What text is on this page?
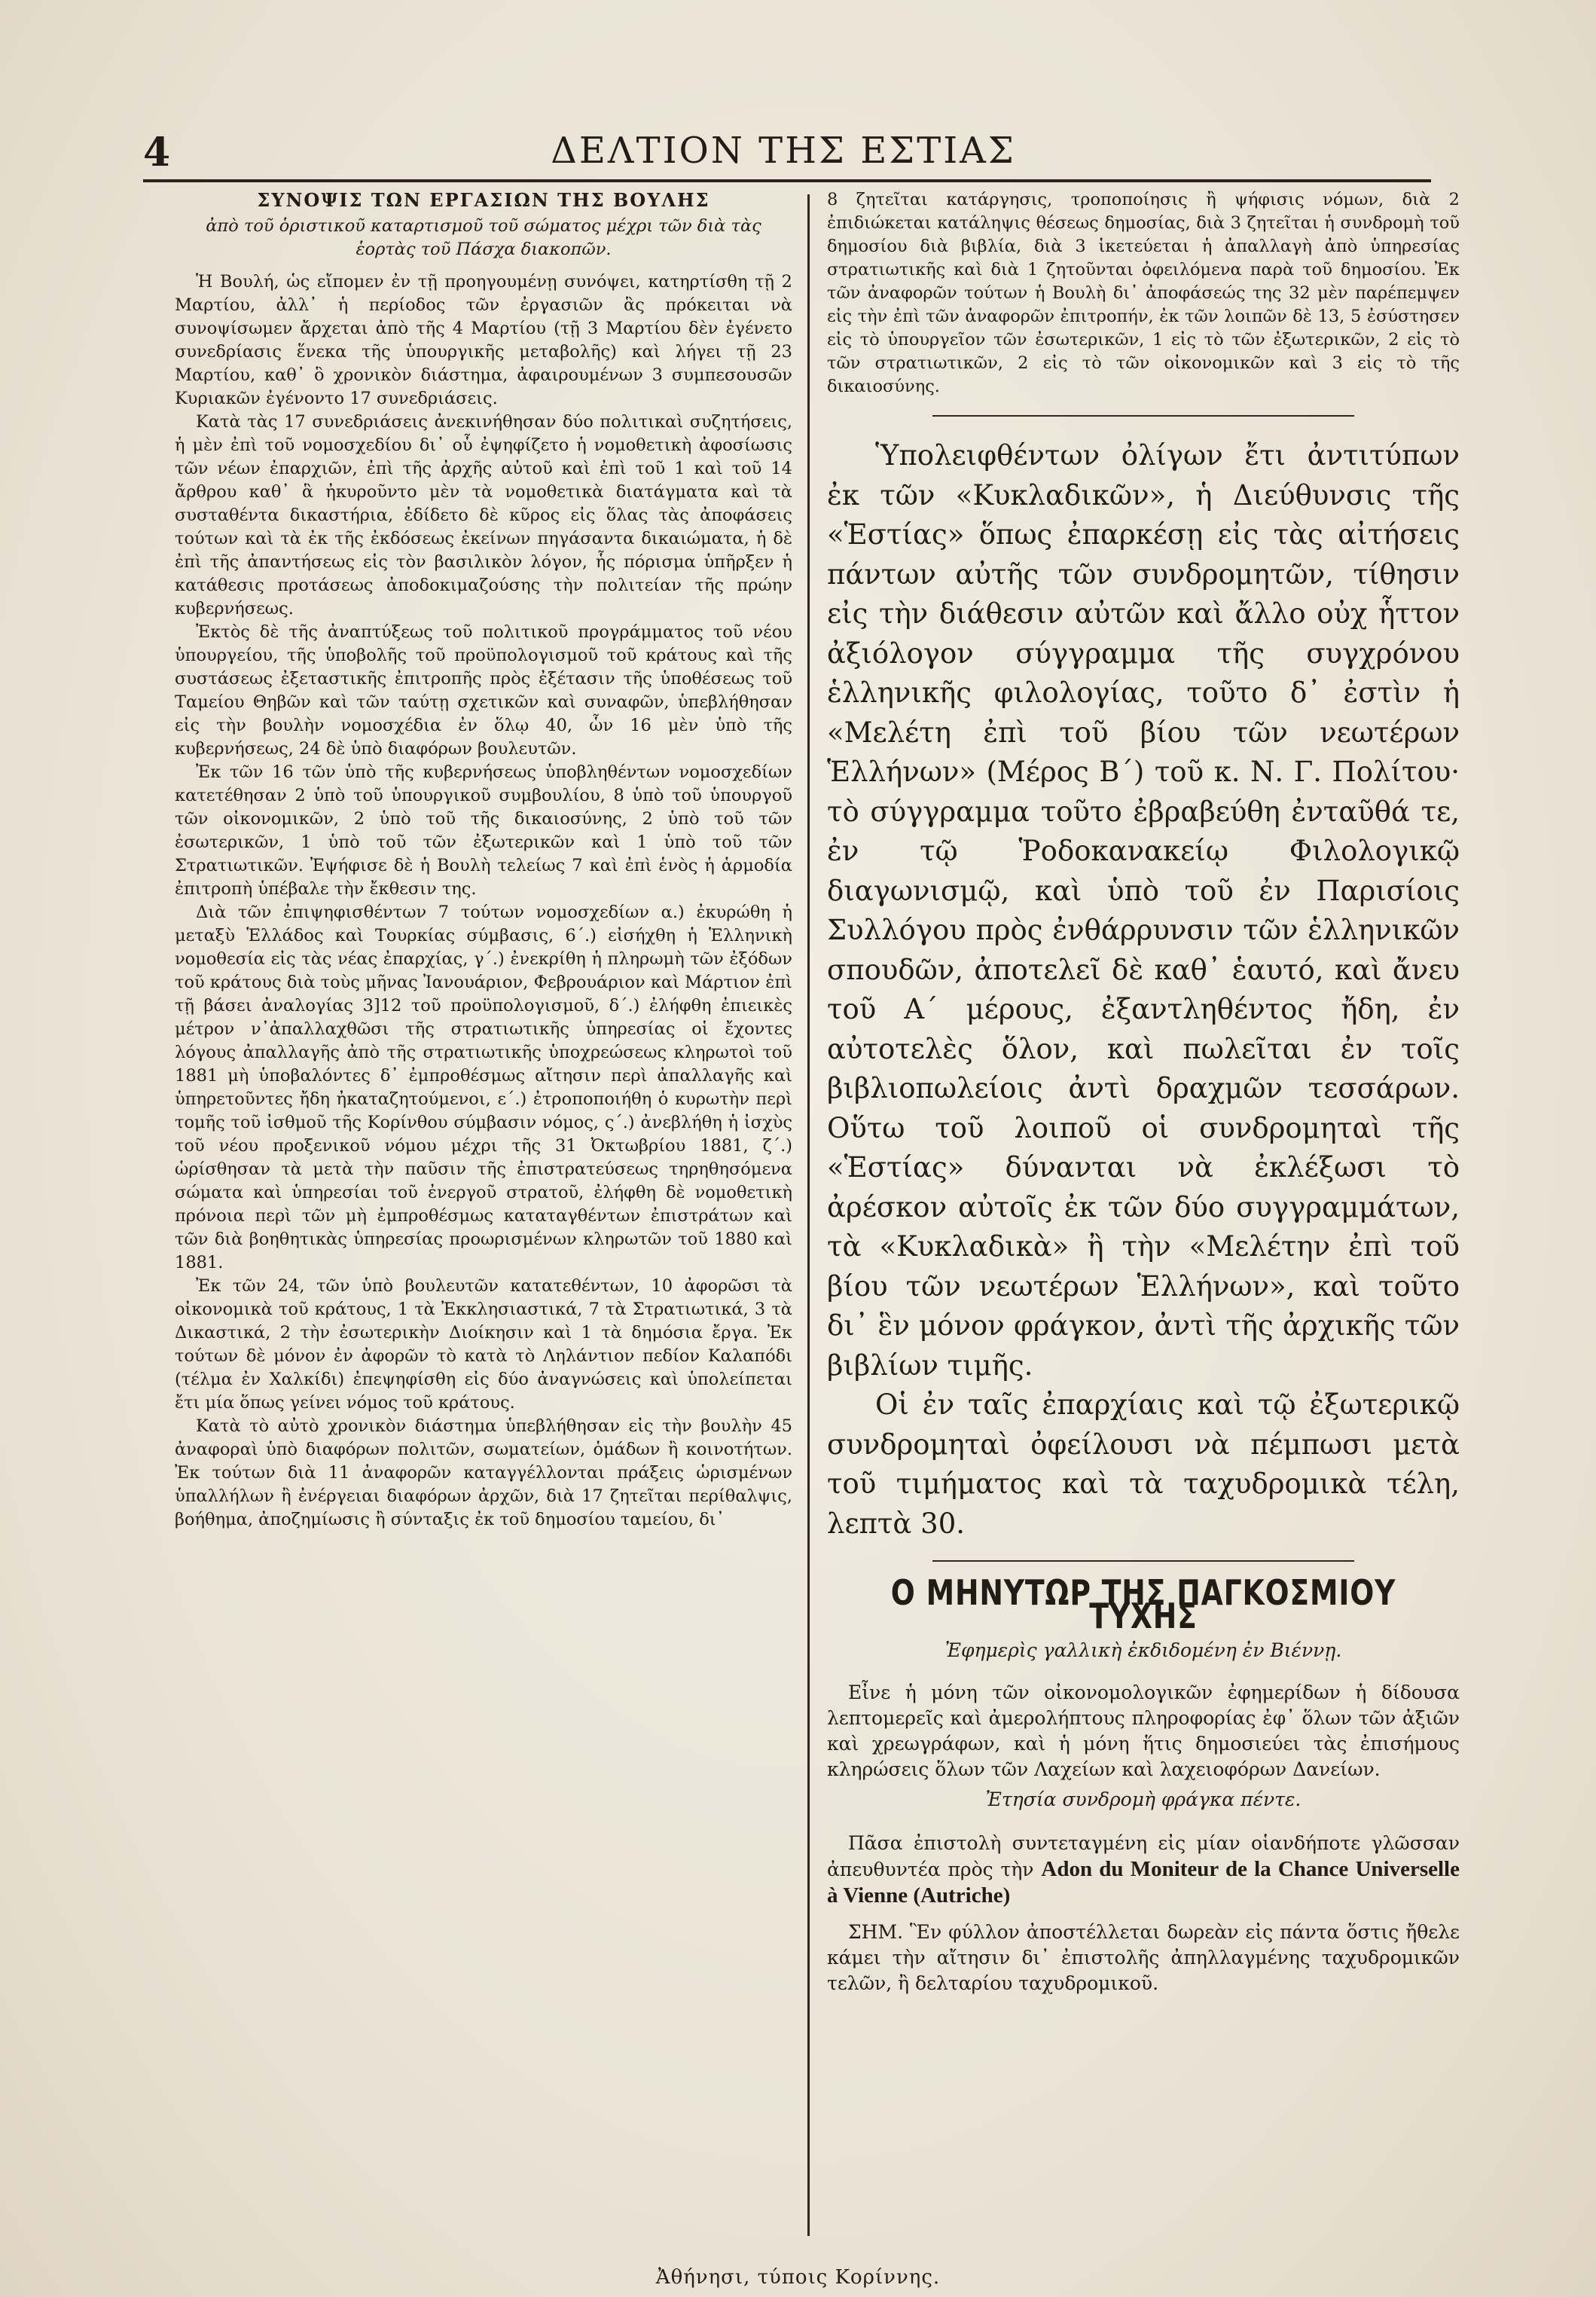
4	ΔΕΛΤΙΟΝ ΤΗΣ ΕΣΤΙΑΣ
ΣΥΝΟΨΙΣ ΤΩΝ ΕΡΓΑΣΙΩΝ ΤΗΣ ΒΟΥΛΗΣ
ἀπὸ τοῦ ὁριστικοῦ καταρτισμοῦ τοῦ σώματος μέχρι τῶν διὰ τὰς ἑορτὰς τοῦ Πάσχα διακοπῶν.

Ἡ Βουλή, ὡς εἴπομεν ἐν τῇ προηγουμένῃ συνόψει, κατηρτίσθη τῇ 2 Μαρτίου, ἀλλ᾽ ἡ περίοδος τῶν ἐργασιῶν ἃς πρόκειται νὰ συνοψίσωμεν ἄρχεται ἀπὸ τῆς 4 Μαρτίου (τῇ 3 Μαρτίου δὲν ἐγένετο συνεδρίασις ἕνεκα τῆς ὑπουργικῆς μεταβολῆς) καὶ λήγει τῇ 23 Μαρτίου, καθ᾽ ὃ χρονικὸν διάστημα, ἀφαιρουμένων 3 συμπεσουσῶν Κυριακῶν ἐγένοντο 17 συνεδριάσεις.

Κατὰ τὰς 17 συνεδριάσεις ἀνεκινήθησαν δύο πολιτικαὶ συζητήσεις, ἡ μὲν ἐπὶ τοῦ νομοσχεδίου δι᾽ οὗ ἐψηφίζετο ἡ νομοθετικὴ ἀφοσίωσις τῶν νέων ἐπαρχιῶν, ἐπὶ τῆς ἀρχῆς αὐτοῦ καὶ ἐπὶ τοῦ 1 καὶ τοῦ 14 ἄρθρου καθ᾽ ἃ ἠκυροῦντο μὲν τὰ νομοθετικὰ διατάγματα καὶ τὰ συσταθέντα δικαστήρια, ἐδίδετο δὲ κῦρος εἰς ὅλας τὰς ἀποφάσεις τούτων καὶ τὰ ἐκ τῆς ἐκδόσεως ἐκείνων πηγάσαντα δικαιώματα, ἡ δὲ ἐπὶ τῆς ἀπαντήσεως εἰς τὸν βασιλικὸν λόγον, ἧς πόρισμα ὑπῆρξεν ἡ κατάθεσις προτάσεως ἀποδοκιμαζούσης τὴν πολιτείαν τῆς πρώην κυβερνήσεως.

Ἐκτὸς δὲ τῆς ἀναπτύξεως τοῦ πολιτικοῦ προγράμματος τοῦ νέου ὑπουργείου, τῆς ὑποβολῆς τοῦ προϋπολογισμοῦ τοῦ κράτους καὶ τῆς συστάσεως ἐξεταστικῆς ἐπιτροπῆς πρὸς ἐξέτασιν τῆς ὑποθέσεως τοῦ Ταμείου Θηβῶν καὶ τῶν ταύτῃ σχετικῶν καὶ συναφῶν, ὑπεβλήθησαν εἰς τὴν βουλὴν νομοσχέδια ἐν ὅλῳ 40, ὧν 16 μὲν ὑπὸ τῆς κυβερνήσεως, 24 δὲ ὑπὸ διαφόρων βουλευτῶν.

Ἐκ τῶν 16 τῶν ὑπὸ τῆς κυβερνήσεως ὑποβληθέντων νομοσχεδίων κατετέθησαν 2 ὑπὸ τοῦ ὑπουργικοῦ συμβουλίου, 8 ὑπὸ τοῦ ὑπουργοῦ τῶν οἰκονομικῶν, 2 ὑπὸ τοῦ τῆς δικαιοσύνης, 2 ὑπὸ τοῦ τῶν ἐσωτερικῶν, 1 ὑπὸ τοῦ τῶν ἐξωτερικῶν καὶ 1 ὑπὸ τοῦ τῶν Στρατιωτικῶν. Ἐψήφισε δὲ ἡ Βουλὴ τελείως 7 καὶ ἐπὶ ἑνὸς ἡ ἁρμοδία ἐπιτροπὴ ὑπέβαλε τὴν ἔκθεσιν της.

Διὰ τῶν ἐπιψηφισθέντων 7 τούτων νομοσχεδίων α.) ἐκυρώθη ἡ μεταξὺ Ἑλλάδος καὶ Τουρκίας σύμβασις, 6΄.) εἰσήχθη ἡ Ἑλληνικὴ νομοθεσία εἰς τὰς νέας ἐπαρχίας, γ΄.) ἐνεκρίθη ἡ πληρωμὴ τῶν ἐξόδων τοῦ κράτους διὰ τοὺς μῆνας Ἰανουάριον, Φεβρουάριον καὶ Μάρτιον ἐπὶ τῇ βάσει ἀναλογίας 3]12 τοῦ προϋπολογισμοῦ, δ΄.) ἐλήφθη ἐπιεικὲς μέτρον ν᾽ἀπαλλαχθῶσι τῆς στρατιωτικῆς ὑπηρεσίας οἱ ἔχοντες λόγους ἀπαλλαγῆς ἀπὸ τῆς στρατιωτικῆς ὑποχρεώσεως κληρωτοὶ τοῦ 1881 μὴ ὑποβαλόντες δ᾽ ἐμπροθέσμως αἴτησιν περὶ ἀπαλλαγῆς καὶ ὑπηρετοῦντες ἤδη ἠκαταζητούμενοι, ε΄.) ἐτροποποιήθη ὁ κυρωτὴν περὶ τομῆς τοῦ ἰσθμοῦ τῆς Κορίνθου σύμβασιν νόμος, ς΄.) ἀνεβλήθη ἡ ἰσχὺς τοῦ νέου προξενικοῦ νόμου μέχρι τῆς 31 Ὀκτωβρίου 1881, ζ΄.) ὡρίσθησαν τὰ μετὰ τὴν παῦσιν τῆς ἐπιστρατεύσεως τηρηθησόμενα σώματα καὶ ὑπηρεσίαι τοῦ ἐνεργοῦ στρατοῦ, ἐλήφθη δὲ νομοθετικὴ πρόνοια περὶ τῶν μὴ ἐμπροθέσμως καταταγθέντων ἐπιστράτων καὶ τῶν διὰ βοηθητικὰς ὑπηρεσίας προωρισμένων κληρωτῶν τοῦ 1880 καὶ 1881.

Ἐκ τῶν 24, τῶν ὑπὸ βουλευτῶν κατατεθέντων, 10 ἀφορῶσι τὰ οἰκονομικὰ τοῦ κράτους, 1 τὰ Ἐκκλησιαστικά, 7 τὰ Στρατιωτικά, 3 τὰ Δικαστικά, 2 τὴν ἐσωτερικὴν Διοίκησιν καὶ 1 τὰ δημόσια ἔργα. Ἐκ τούτων δὲ μόνον ἐν ἀφορῶν τὸ κατὰ τὸ Ληλάντιον πεδίον Καλαπόδι (τέλμα ἐν Χαλκίδι) ἐπεψηφίσθη εἰς δύο ἀναγνώσεις καὶ ὑπολείπεται ἔτι μία ὅπως γείνει νόμος τοῦ κράτους.

Κατὰ τὸ αὐτὸ χρονικὸν διάστημα ὑπεβλήθησαν εἰς τὴν βουλὴν 45 ἀναφοραὶ ὑπὸ διαφόρων πολιτῶν, σωματείων, ὁμάδων ἢ κοινοτήτων. Ἐκ τούτων διὰ 11 ἀναφορῶν καταγγέλλονται πράξεις ὡρισμένων ὑπαλλήλων ἢ ἐνέργειαι διαφόρων ἀρχῶν, διὰ 17 ζητεῖται περίθαλψις, βοήθημα, ἀποζημίωσις ἢ σύνταξις ἐκ τοῦ δημοσίου ταμείου, δι᾽

8 ζητεῖται κατάργησις, τροποποίησις ἢ ψήφισις νόμων, διὰ 2 ἐπιδιώκεται κατάληψις θέσεως δημοσίας, διὰ 3 ζητεῖται ἡ συνδρομὴ τοῦ δημοσίου διὰ βιβλία, διὰ 3 ἱκετεύεται ἡ ἀπαλλαγὴ ἀπὸ ὑπηρεσίας στρατιωτικῆς καὶ διὰ 1 ζητοῦνται ὀφειλόμενα παρὰ τοῦ δημοσίου. Ἐκ τῶν ἀναφορῶν τούτων ἡ Βουλὴ δι᾽ ἀποφάσεώς της 32 μὲν παρέπεμψεν εἰς τὴν ἐπὶ τῶν ἀναφορῶν ἐπιτροπήν, ἐκ τῶν λοιπῶν δὲ 13, 5 ἐσύστησεν εἰς τὸ ὑπουργεῖον τῶν ἐσωτερικῶν, 1 εἰς τὸ τῶν ἐξωτερικῶν, 2 εἰς τὸ τῶν στρατιωτικῶν, 2 εἰς τὸ τῶν οἰκονομικῶν καὶ 3 εἰς τὸ τῆς δικαιοσύνης.

Ὑπολειφθέντων ὀλίγων ἔτι ἀντιτύπων ἐκ τῶν «Κυκλαδικῶν», ἡ Διεύθυνσις τῆς «Ἑστίας» ὅπως ἐπαρκέσῃ εἰς τὰς αἰτήσεις πάντων αὐτῆς τῶν συνδρομητῶν, τίθησιν εἰς τὴν διάθεσιν αὐτῶν καὶ ἄλλο οὐχ ἧττον ἀξιόλογον σύγγραμμα τῆς συγχρόνου ἑλληνικῆς φιλολογίας, τοῦτο δ᾽ ἐστὶν ἡ «Μελέτη ἐπὶ τοῦ βίου τῶν νεωτέρων Ἑλλήνων» (Μέρος Β΄) τοῦ κ. Ν. Γ. Πολίτου· τὸ σύγγραμμα τοῦτο ἐβραβεύθη ἐνταῦθά τε, ἐν τῷ Ῥοδοκανακείῳ Φιλολογικῷ διαγωνισμῷ, καὶ ὑπὸ τοῦ ἐν Παρισίοις Συλλόγου πρὸς ἐνθάρρυνσιν τῶν ἑλληνικῶν σπουδῶν, ἀποτελεῖ δὲ καθ᾽ ἑαυτό, καὶ ἄνευ τοῦ Α΄ μέρους, ἐξαντληθέντος ἤδη, ἐν αὐτοτελὲς ὅλον, καὶ πωλεῖται ἐν τοῖς βιβλιοπωλείοις ἀντὶ δραχμῶν τεσσάρων. Οὕτω τοῦ λοιποῦ οἱ συνδρομηταὶ τῆς «Ἑστίας» δύνανται νὰ ἐκλέξωσι τὸ ἀρέσκον αὐτοῖς ἐκ τῶν δύο συγγραμμάτων, τὰ «Κυκλαδικὰ» ἢ τὴν «Μελέτην ἐπὶ τοῦ βίου τῶν νεωτέρων Ἑλλήνων», καὶ τοῦτο δι᾽ ἓν μόνον φράγκον, ἀντὶ τῆς ἀρχικῆς τῶν βιβλίων τιμῆς.

Οἱ ἐν ταῖς ἐπαρχίαις καὶ τῷ ἐξωτερικῷ συνδρομηταὶ ὀφείλουσι νὰ πέμπωσι μετὰ τοῦ τιμήματος καὶ τὰ ταχυδρομικὰ τέλη, λεπτὰ 30.

Ο ΜΗΝΥΤΩΡ ΤΗΣ ΠΑΓΚΟΣΜΙΟΥ ΤΥΧΗΣ
Ἐφημερὶς γαλλικὴ ἐκδιδομένη ἐν Βιέννῃ.

Εἶνε ἡ μόνη τῶν οἰκονομολογικῶν ἐφημερίδων ἡ δίδουσα λεπτομερεῖς καὶ ἀμερολήπτους πληροφορίας ἐφ᾽ ὅλων τῶν ἀξιῶν καὶ χρεωγράφων, καὶ ἡ μόνη ἥτις δημοσιεύει τὰς ἐπισήμους κληρώσεις ὅλων τῶν Λαχείων καὶ λαχειοφόρων Δανείων.

Ἐτησία συνδρομὴ φράγκα πέντε.

Πᾶσα ἐπιστολὴ συντεταγμένη εἰς μίαν οἱανδήποτε γλῶσσαν ἀπευθυντέα πρὸς τὴν Adon du Moniteur de la Chance Universelle à Vienne (Autriche)

ΣΗΜ. Ἓν φύλλον ἀποστέλλεται δωρεὰν εἰς πάντα ὅστις ἤθελε κάμει τὴν αἴτησιν δι᾽ ἐπιστολῆς ἀπηλλαγμένης ταχυδρομικῶν τελῶν, ἢ δελταρίου ταχυδρομικοῦ.

Ἀθήνησι, τύποις Κορίννης.
